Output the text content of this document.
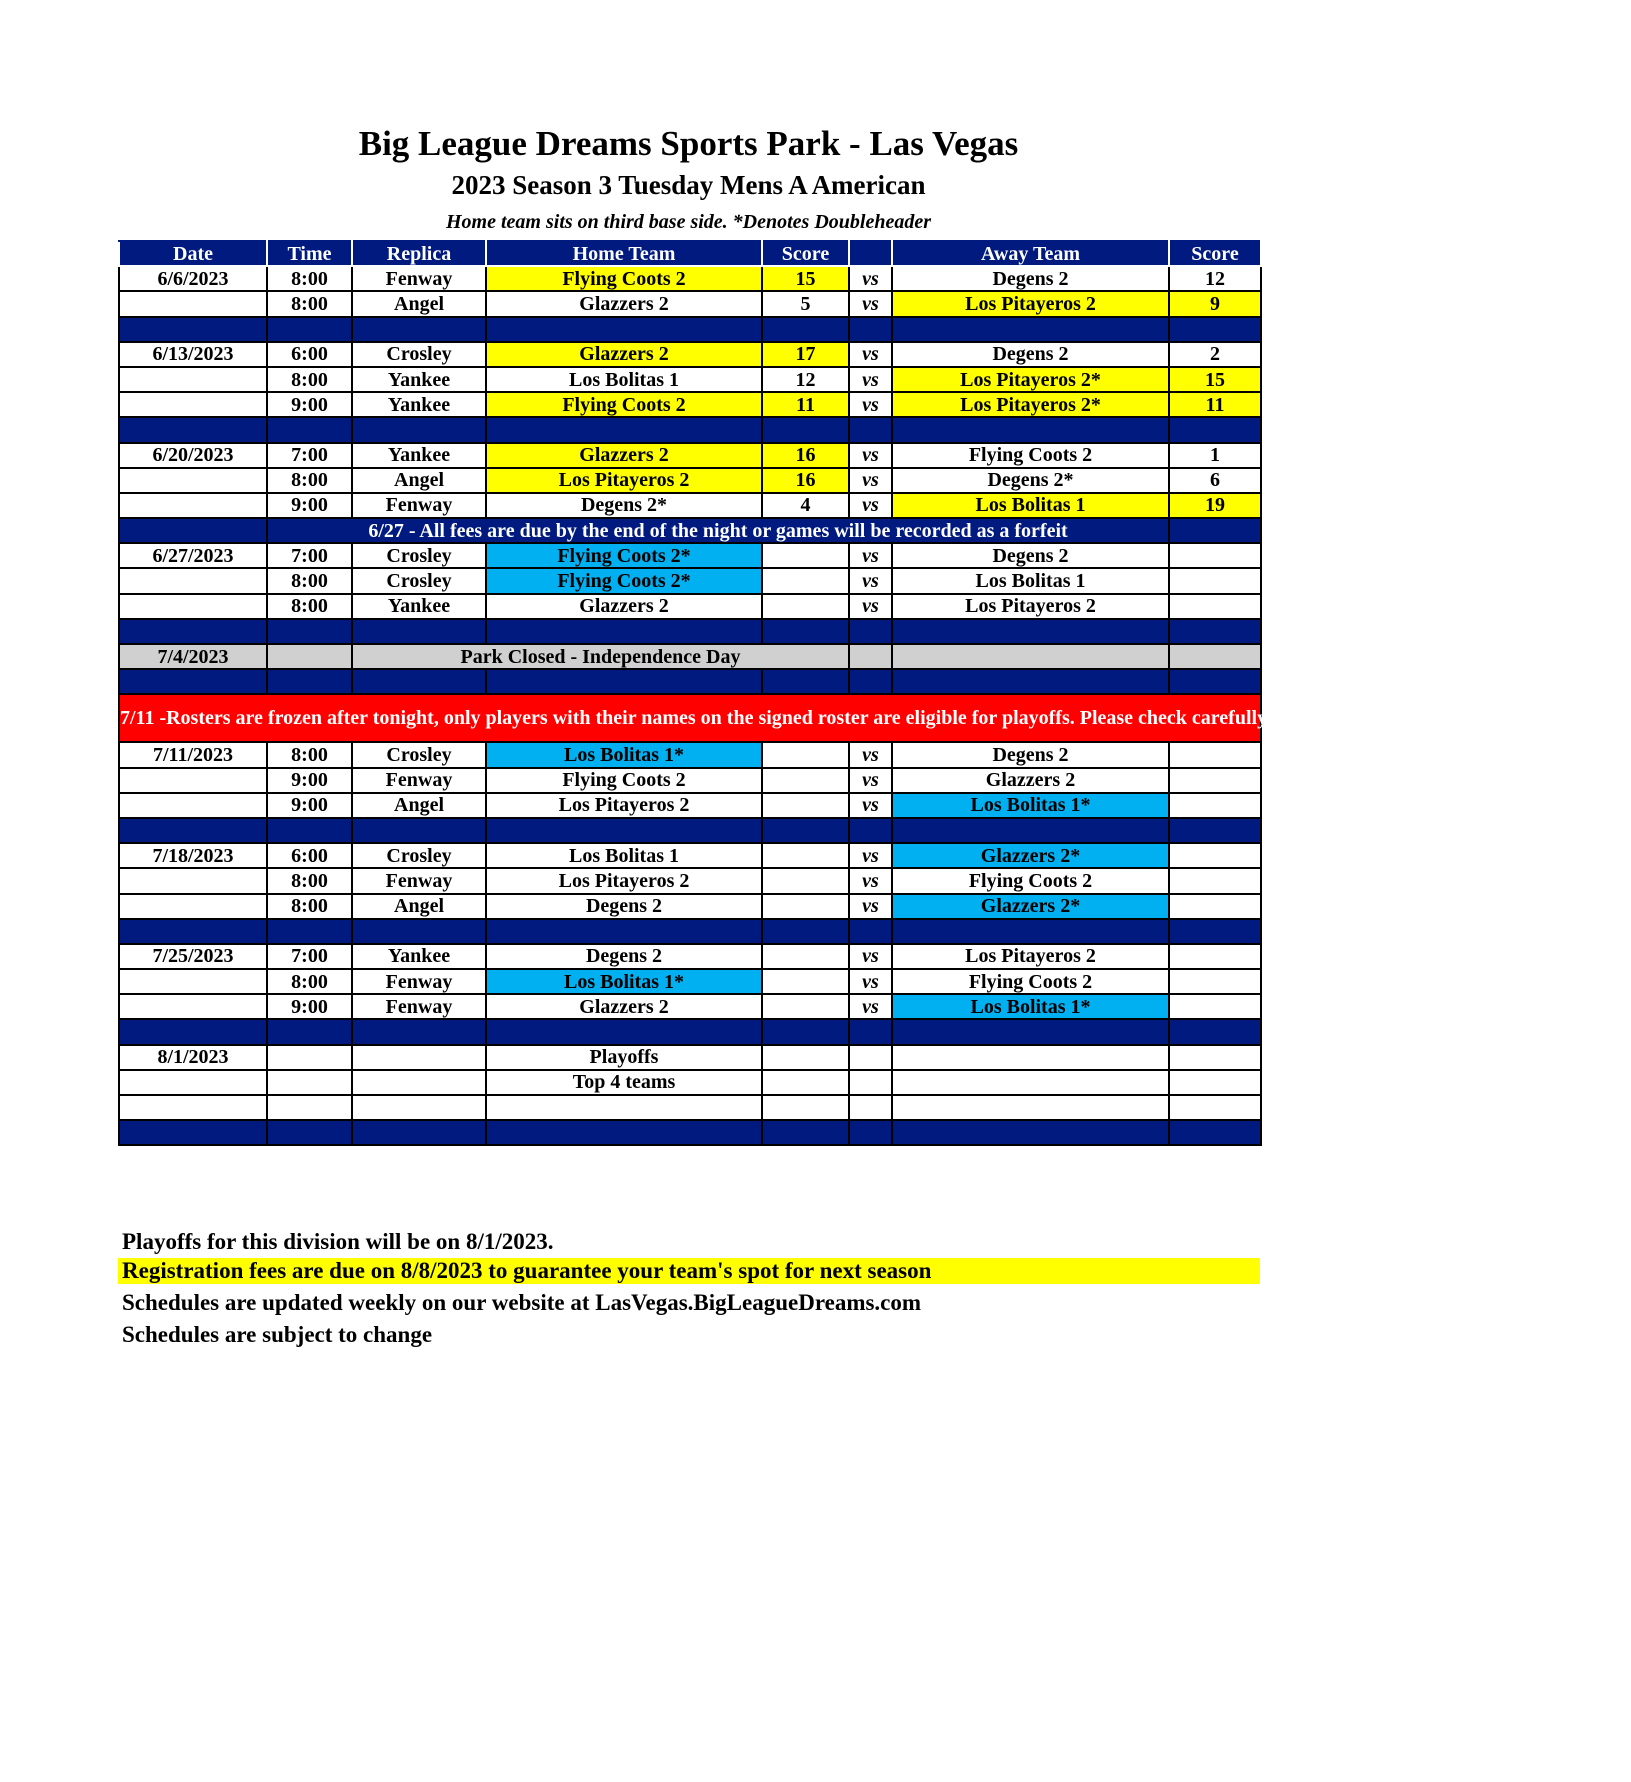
Big League Dreams Sports Park - Las Vegas
2023 Season 3 Tuesday Mens A American
Home team sits on third base side. *Denotes Doubleheader
Date	Time	Replica	Home Team	Score		Away Team	Score
6/6/2023	8:00	Fenway	Flying Coots 2	15	vs	Degens 2	12
	8:00	Angel	Glazzers 2	5	vs	Los Pitayeros 2	9

6/13/2023	6:00	Crosley	Glazzers 2	17	vs	Degens 2	2
	8:00	Yankee	Los Bolitas 1	12	vs	Los Pitayeros 2*	15
	9:00	Yankee	Flying Coots 2	11	vs	Los Pitayeros 2*	11

6/20/2023	7:00	Yankee	Glazzers 2	16	vs	Flying Coots 2	1
	8:00	Angel	Los Pitayeros 2	16	vs	Degens 2*	6
	9:00	Fenway	Degens 2*	4	vs	Los Bolitas 1	19
	6/27 - All fees are due by the end of the night or games will be recorded as a forfeit						
6/27/2023	7:00	Crosley	Flying Coots 2*		vs	Degens 2	
	8:00	Crosley	Flying Coots 2*		vs	Los Bolitas 1	
	8:00	Yankee	Glazzers 2		vs	Los Pitayeros 2	

7/4/2023		Park Closed - Independence Day					

7/11 -Rosters are frozen after tonight, only players with their names on the signed roster are eligible for playoffs. Please check carefully as changes will not be made for omissions.							
7/11/2023	8:00	Crosley	Los Bolitas 1*		vs	Degens 2	
	9:00	Fenway	Flying Coots 2		vs	Glazzers 2	
	9:00	Angel	Los Pitayeros 2		vs	Los Bolitas 1*	

7/18/2023	6:00	Crosley	Los Bolitas 1		vs	Glazzers 2*	
	8:00	Fenway	Los Pitayeros 2		vs	Flying Coots 2	
	8:00	Angel	Degens 2		vs	Glazzers 2*	

7/25/2023	7:00	Yankee	Degens 2		vs	Los Pitayeros 2	
	8:00	Fenway	Los Bolitas 1*		vs	Flying Coots 2	
	9:00	Fenway	Glazzers 2		vs	Los Bolitas 1*	

8/1/2023			Playoffs				
			Top 4 teams				

Playoffs for this division will be on 8/1/2023.
Registration fees are due on 8/8/2023 to guarantee your team's spot for next season
Schedules are updated weekly on our website at LasVegas.BigLeagueDreams.com
Schedules are subject to change
